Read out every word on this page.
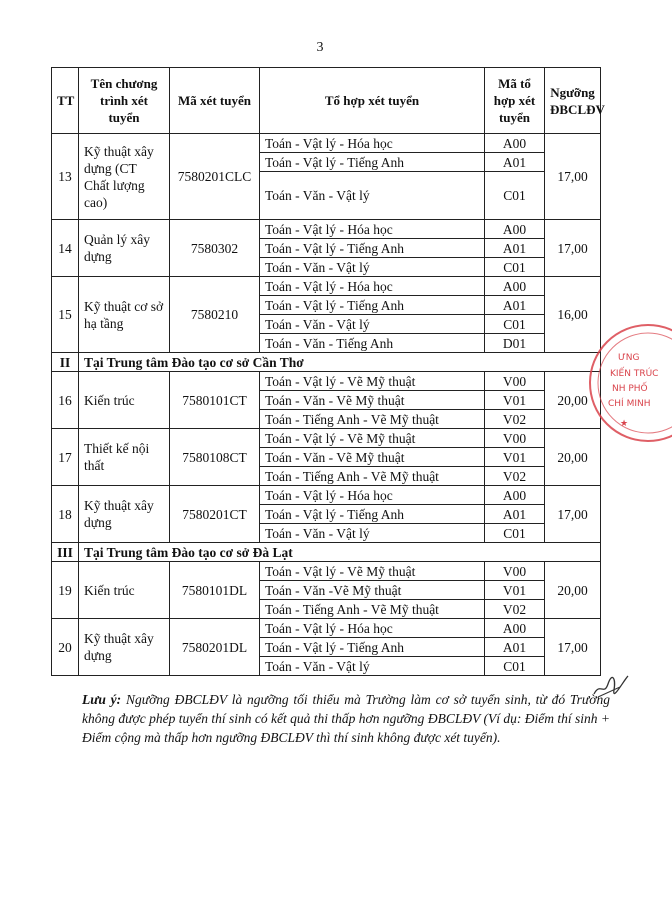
3
TT	Tên chương trình xét tuyển	Mã xét tuyển	Tổ hợp xét tuyển	Mã tổ hợp xét tuyển	Ngưỡng ĐBCLĐV
13	Kỹ thuật xây dựng (CT Chất lượng cao)	7580201CLC	Toán - Vật lý - Hóa học	A00	17,00
			Toán - Vật lý - Tiếng Anh	A01	
			Toán - Văn - Vật lý	C01	
14	Quản lý xây dựng	7580302	Toán - Vật lý - Hóa học	A00	17,00
			Toán - Vật lý - Tiếng Anh	A01	
			Toán - Văn - Vật lý	C01	
15	Kỹ thuật cơ sở hạ tầng	7580210	Toán - Vật lý - Hóa học	A00	16,00
			Toán - Vật lý - Tiếng Anh	A01	
			Toán - Văn - Vật lý	C01	
			Toán - Văn - Tiếng Anh	D01	
II	Tại Trung tâm Đào tạo cơ sở Cần Thơ				
16	Kiến trúc	7580101CT	Toán - Vật lý - Vẽ Mỹ thuật	V00	20,00
			Toán - Văn - Vẽ Mỹ thuật	V01	
			Toán - Tiếng Anh - Vẽ Mỹ thuật	V02	
17	Thiết kế nội thất	7580108CT	Toán - Vật lý - Vẽ Mỹ thuật	V00	20,00
			Toán - Văn - Vẽ Mỹ thuật	V01	
			Toán - Tiếng Anh - Vẽ Mỹ thuật	V02	
18	Kỹ thuật xây dựng	7580201CT	Toán - Vật lý - Hóa học	A00	17,00
			Toán - Vật lý - Tiếng Anh	A01	
			Toán - Văn - Vật lý	C01	
III	Tại Trung tâm Đào tạo cơ sở Đà Lạt				
19	Kiến trúc	7580101DL	Toán - Vật lý - Vẽ Mỹ thuật	V00	20,00
			Toán - Văn -Vẽ Mỹ thuật	V01	
			Toán - Tiếng Anh - Vẽ Mỹ thuật	V02	
20	Kỹ thuật xây dựng	7580201DL	Toán - Vật lý - Hóa học	A00	17,00
			Toán - Vật lý - Tiếng Anh	A01	
			Toán - Văn - Vật lý	C01	
Lưu ý: Ngưỡng ĐBCLĐV là ngưỡng tối thiểu mà Trường làm cơ sở tuyển sinh, từ đó Trường không được phép tuyển thí sinh có kết quả thi thấp hơn ngưỡng ĐBCLĐV (Ví dụ: Điểm thí sinh + Điểm cộng mà thấp hơn ngưỡng ĐBCLĐV thì thí sinh không được xét tuyển).
ƯNG
KIẾN TRÚC
NH PHỐ
CHÍ MINH
★
